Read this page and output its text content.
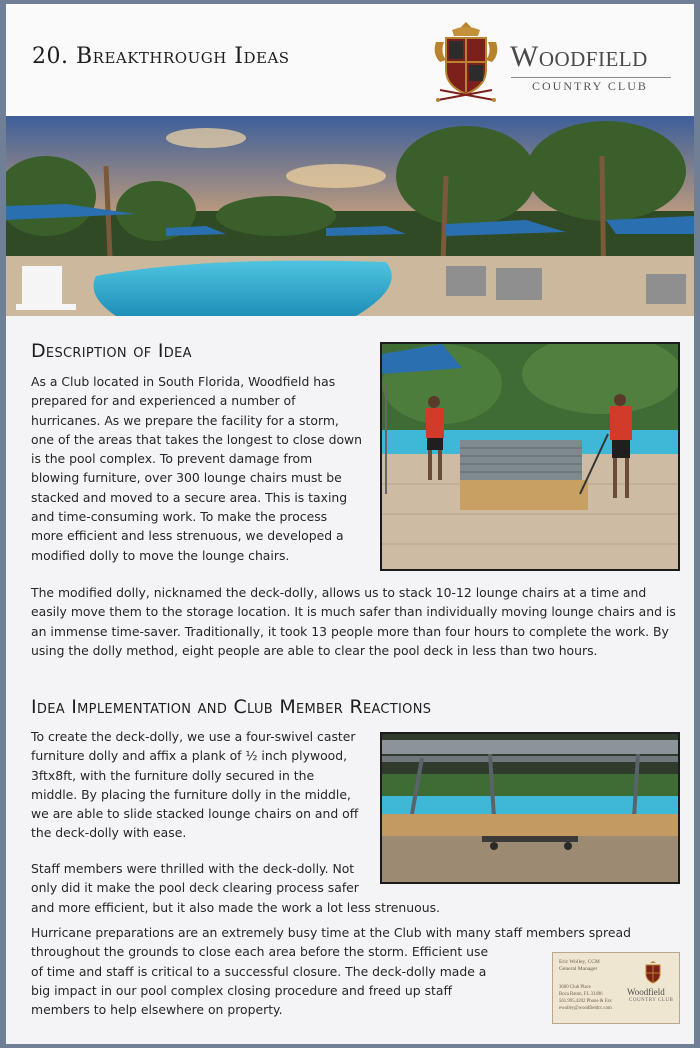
20. Breakthrough Ideas	Woodfield
COUNTRY CLUB
Description of Idea

As a Club located in South Florida, Woodfield has
prepared for and experienced a number of
hurricanes. As we prepare the facility for a storm,
one of the areas that takes the longest to close down
is the pool complex. To prevent damage from
blowing furniture, over 300 lounge chairs must be
stacked and moved to a secure area. This is taxing
and time-consuming work. To make the process
more efficient and less strenuous, we developed a
modified dolly to move the lounge chairs.

The modified dolly, nicknamed the deck-dolly, allows us to stack 10-12 lounge chairs at a time and
easily move them to the storage location. It is much safer than individually moving lounge chairs and is
an immense time-saver. Traditionally, it took 13 people more than four hours to complete the work. By
using the dolly method, eight people are able to clear the pool deck in less than two hours.

Idea Implementation and Club Member Reactions

To create the deck-dolly, we use a four-swivel caster
furniture dolly and affix a plank of ½ inch plywood,
3ftx8ft, with the furniture dolly secured in the
middle. By placing the furniture dolly in the middle,
we are able to slide stacked lounge chairs on and off
the deck-dolly with ease.

Staff members were thrilled with the deck-dolly. Not
only did it make the pool deck clearing process safer
and more efficient, but it also made the work a lot less strenuous.

Hurricane preparations are an extremely busy time at the Club with many staff members spread
throughout the grounds to close each area before the storm. Efficient use
of time and staff is critical to a successful closure. The deck-dolly made a
big impact in our pool complex closing procedure and freed up staff
members to help elsewhere on property.

Eric Wolley, CCM
General Manager
3600 Club Place
Boca Raton, FL 33496
561.995.4202 Phone & Fax
ewolley@woodfieldcc.com
Woodfield
COUNTRY CLUB
